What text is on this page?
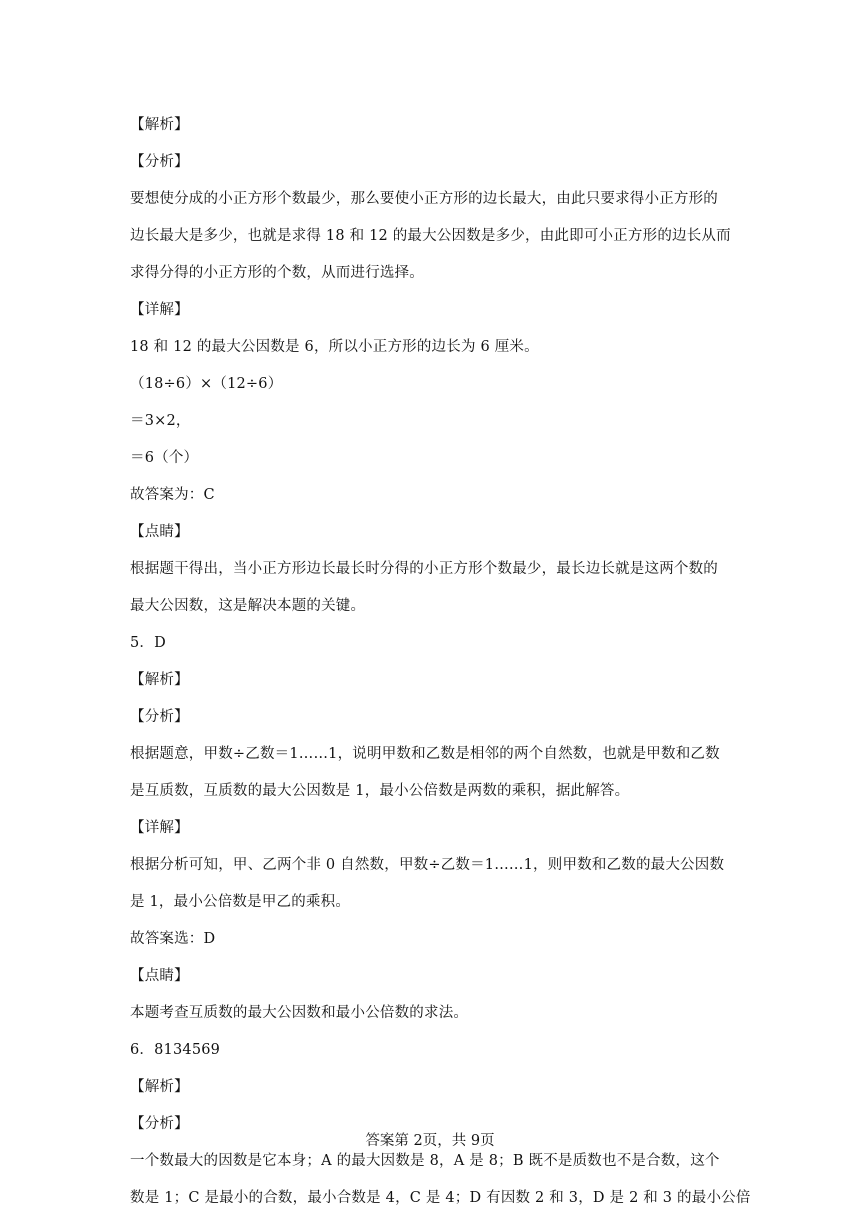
【解析】
【分析】
要想使分成的小正方形个数最少，那么要使小正方形的边长最大，由此只要求得小正方形的
边长最大是多少，也就是求得 18 和 12 的最大公因数是多少，由此即可小正方形的边长从而
求得分得的小正方形的个数，从而进行选择。
【详解】
18 和 12 的最大公因数是 6，所以小正方形的边长为 6 厘米。
（18÷6）×（12÷6）
＝3×2，
＝6（个）
故答案为：C
【点睛】
根据题干得出，当小正方形边长最长时分得的小正方形个数最少，最长边长就是这两个数的
最大公因数，这是解决本题的关键。
5．D
【解析】
【分析】
根据题意，甲数÷乙数＝1……1，说明甲数和乙数是相邻的两个自然数，也就是甲数和乙数
是互质数，互质数的最大公因数是 1，最小公倍数是两数的乘积，据此解答。
【详解】
根据分析可知，甲、乙两个非 0 自然数，甲数÷乙数＝1……1，则甲数和乙数的最大公因数
是 1，最小公倍数是甲乙的乘积。
故答案选：D
【点睛】
本题考查互质数的最大公因数和最小公倍数的求法。
6．8134569
【解析】
【分析】
一个数最大的因数是它本身；A 的最大因数是 8，A 是 8；B 既不是质数也不是合数，这个
数是 1；C 是最小的合数，最小合数是 4，C 是 4；D 有因数 2 和 3，D 是 2 和 3 的最小公倍
答案第 2页，共 9页
